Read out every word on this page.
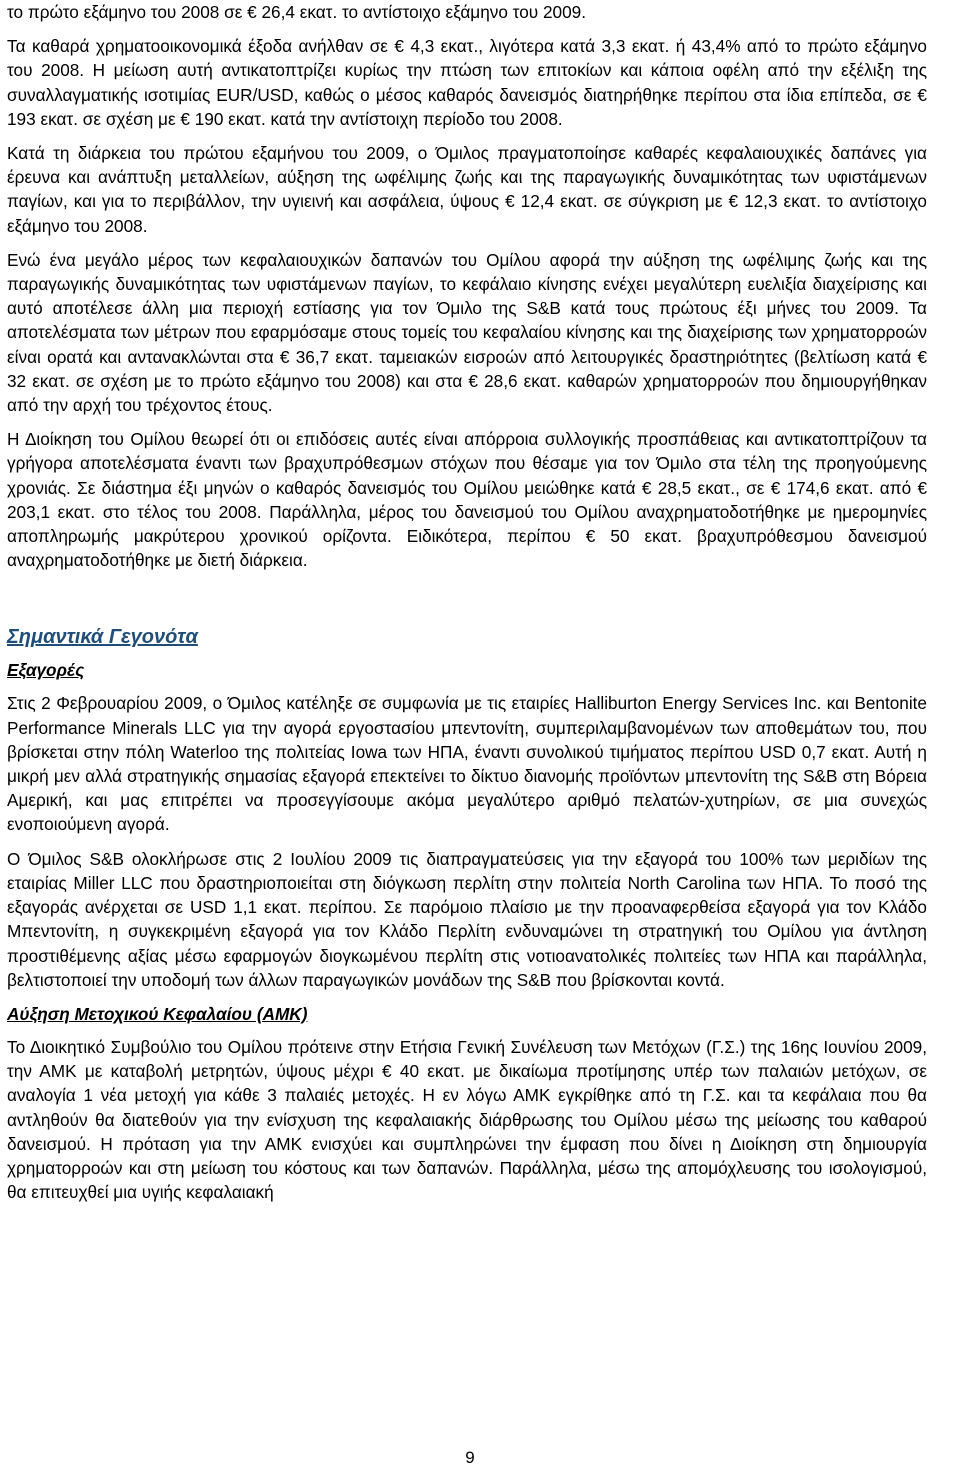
το πρώτο εξάμηνο του 2008 σε € 26,4 εκατ. το αντίστοιχο εξάμηνο του 2009.

Τα καθαρά χρηματοοικονομικά έξοδα ανήλθαν σε € 4,3 εκατ., λιγότερα κατά 3,3 εκατ. ή 43,4% από το πρώτο εξάμηνο του 2008. Η μείωση αυτή αντικατοπτρίζει κυρίως την πτώση των επιτοκίων και κάποια οφέλη από την εξέλιξη της συναλλαγματικής ισοτιμίας EUR/USD, καθώς ο μέσος καθαρός δανεισμός διατηρήθηκε περίπου στα ίδια επίπεδα, σε € 193 εκατ. σε σχέση με € 190 εκατ. κατά την αντίστοιχη περίοδο του 2008.

Κατά τη διάρκεια του πρώτου εξαμήνου του 2009, ο Όμιλος πραγματοποίησε καθαρές κεφαλαιουχικές δαπάνες για έρευνα και ανάπτυξη μεταλλείων, αύξηση της ωφέλιμης ζωής και της παραγωγικής δυναμικότητας των υφιστάμενων παγίων, και για το περιβάλλον, την υγιεινή και ασφάλεια, ύψους € 12,4 εκατ. σε σύγκριση με € 12,3 εκατ. το αντίστοιχο εξάμηνο του 2008.

Ενώ ένα μεγάλο μέρος των κεφαλαιουχικών δαπανών του Ομίλου αφορά την αύξηση της ωφέλιμης ζωής και της παραγωγικής δυναμικότητας των υφιστάμενων παγίων, το κεφάλαιο κίνησης ενέχει μεγαλύτερη ευελιξία διαχείρισης και αυτό αποτέλεσε άλλη μια περιοχή εστίασης για τον Όμιλο της S&B κατά τους πρώτους έξι μήνες του 2009. Τα αποτελέσματα των μέτρων που εφαρμόσαμε στους τομείς του κεφαλαίου κίνησης και της διαχείρισης των χρηματορροών είναι ορατά και αντανακλώνται στα € 36,7 εκατ. ταμειακών εισροών από λειτουργικές δραστηριότητες (βελτίωση κατά € 32 εκατ. σε σχέση με το πρώτο εξάμηνο του 2008) και στα € 28,6 εκατ. καθαρών χρηματορροών που δημιουργήθηκαν από την αρχή του τρέχοντος έτους.

Η Διοίκηση του Ομίλου θεωρεί ότι οι επιδόσεις αυτές είναι απόρροια συλλογικής προσπάθειας και αντικατοπτρίζουν τα γρήγορα αποτελέσματα έναντι των βραχυπρόθεσμων στόχων που θέσαμε για τον Όμιλο στα τέλη της προηγούμενης χρονιάς. Σε διάστημα έξι μηνών ο καθαρός δανεισμός του Ομίλου μειώθηκε κατά € 28,5 εκατ., σε € 174,6 εκατ. από € 203,1 εκατ. στο τέλος του 2008. Παράλληλα, μέρος του δανεισμού του Ομίλου αναχρηματοδοτήθηκε με ημερομηνίες αποπληρωμής μακρύτερου χρονικού ορίζοντα. Ειδικότερα, περίπου € 50 εκατ. βραχυπρόθεσμου δανεισμού αναχρηματοδοτήθηκε με διετή διάρκεια.

Σημαντικά Γεγονότα
Εξαγορές

Στις 2 Φεβρουαρίου 2009, ο Όμιλος κατέληξε σε συμφωνία με τις εταιρίες Halliburton Energy Services Inc. και Bentonite Performance Minerals LLC για την αγορά εργοστασίου μπεντονίτη, συμπεριλαμβανομένων των αποθεμάτων του, που βρίσκεται στην πόλη Waterloo της πολιτείας Iowa των ΗΠΑ, έναντι συνολικού τιμήματος περίπου USD 0,7 εκατ. Αυτή η μικρή μεν αλλά στρατηγικής σημασίας εξαγορά επεκτείνει το δίκτυο διανομής προϊόντων μπεντονίτη της S&B στη Βόρεια Αμερική, και μας επιτρέπει να προσεγγίσουμε ακόμα μεγαλύτερο αριθμό πελατών-χυτηρίων, σε μια συνεχώς ενοποιούμενη αγορά.

Ο Όμιλος S&B ολοκλήρωσε στις 2 Ιουλίου 2009 τις διαπραγματεύσεις για την εξαγορά του 100% των μεριδίων της εταιρίας Miller LLC που δραστηριοποιείται στη διόγκωση περλίτη στην πολιτεία North Carolina των ΗΠΑ. Το ποσό της εξαγοράς ανέρχεται σε USD 1,1 εκατ. περίπου. Σε παρόμοιο πλαίσιο με την προαναφερθείσα εξαγορά για τον Κλάδο Μπεντονίτη, η συγκεκριμένη εξαγορά για τον Κλάδο Περλίτη ενδυναμώνει τη στρατηγική του Ομίλου για άντληση προστιθέμενης αξίας μέσω εφαρμογών διογκωμένου περλίτη στις νοτιοανατολικές πολιτείες των ΗΠΑ και παράλληλα, βελτιστοποιεί την υποδομή των άλλων παραγωγικών μονάδων της S&B που βρίσκονται κοντά.

Αύξηση Μετοχικού Κεφαλαίου (ΑΜΚ)

Το Διοικητικό Συμβούλιο του Ομίλου πρότεινε στην Ετήσια Γενική Συνέλευση των Μετόχων (Γ.Σ.) της 16ης Ιουνίου 2009, την ΑΜΚ με καταβολή μετρητών, ύψους μέχρι € 40 εκατ. με δικαίωμα προτίμησης υπέρ των παλαιών μετόχων, σε αναλογία 1 νέα μετοχή για κάθε 3 παλαιές μετοχές. Η εν λόγω ΑΜΚ εγκρίθηκε από τη Γ.Σ. και τα κεφάλαια που θα αντληθούν θα διατεθούν για την ενίσχυση της κεφαλαιακής διάρθρωσης του Ομίλου μέσω της μείωσης του καθαρού δανεισμού. Η πρόταση για την ΑΜΚ ενισχύει και συμπληρώνει την έμφαση που δίνει η Διοίκηση στη δημιουργία χρηματορροών και στη μείωση του κόστους και των δαπανών. Παράλληλα, μέσω της απομόχλευσης του ισολογισμού, θα επιτευχθεί μια υγιής κεφαλαιακή

9
